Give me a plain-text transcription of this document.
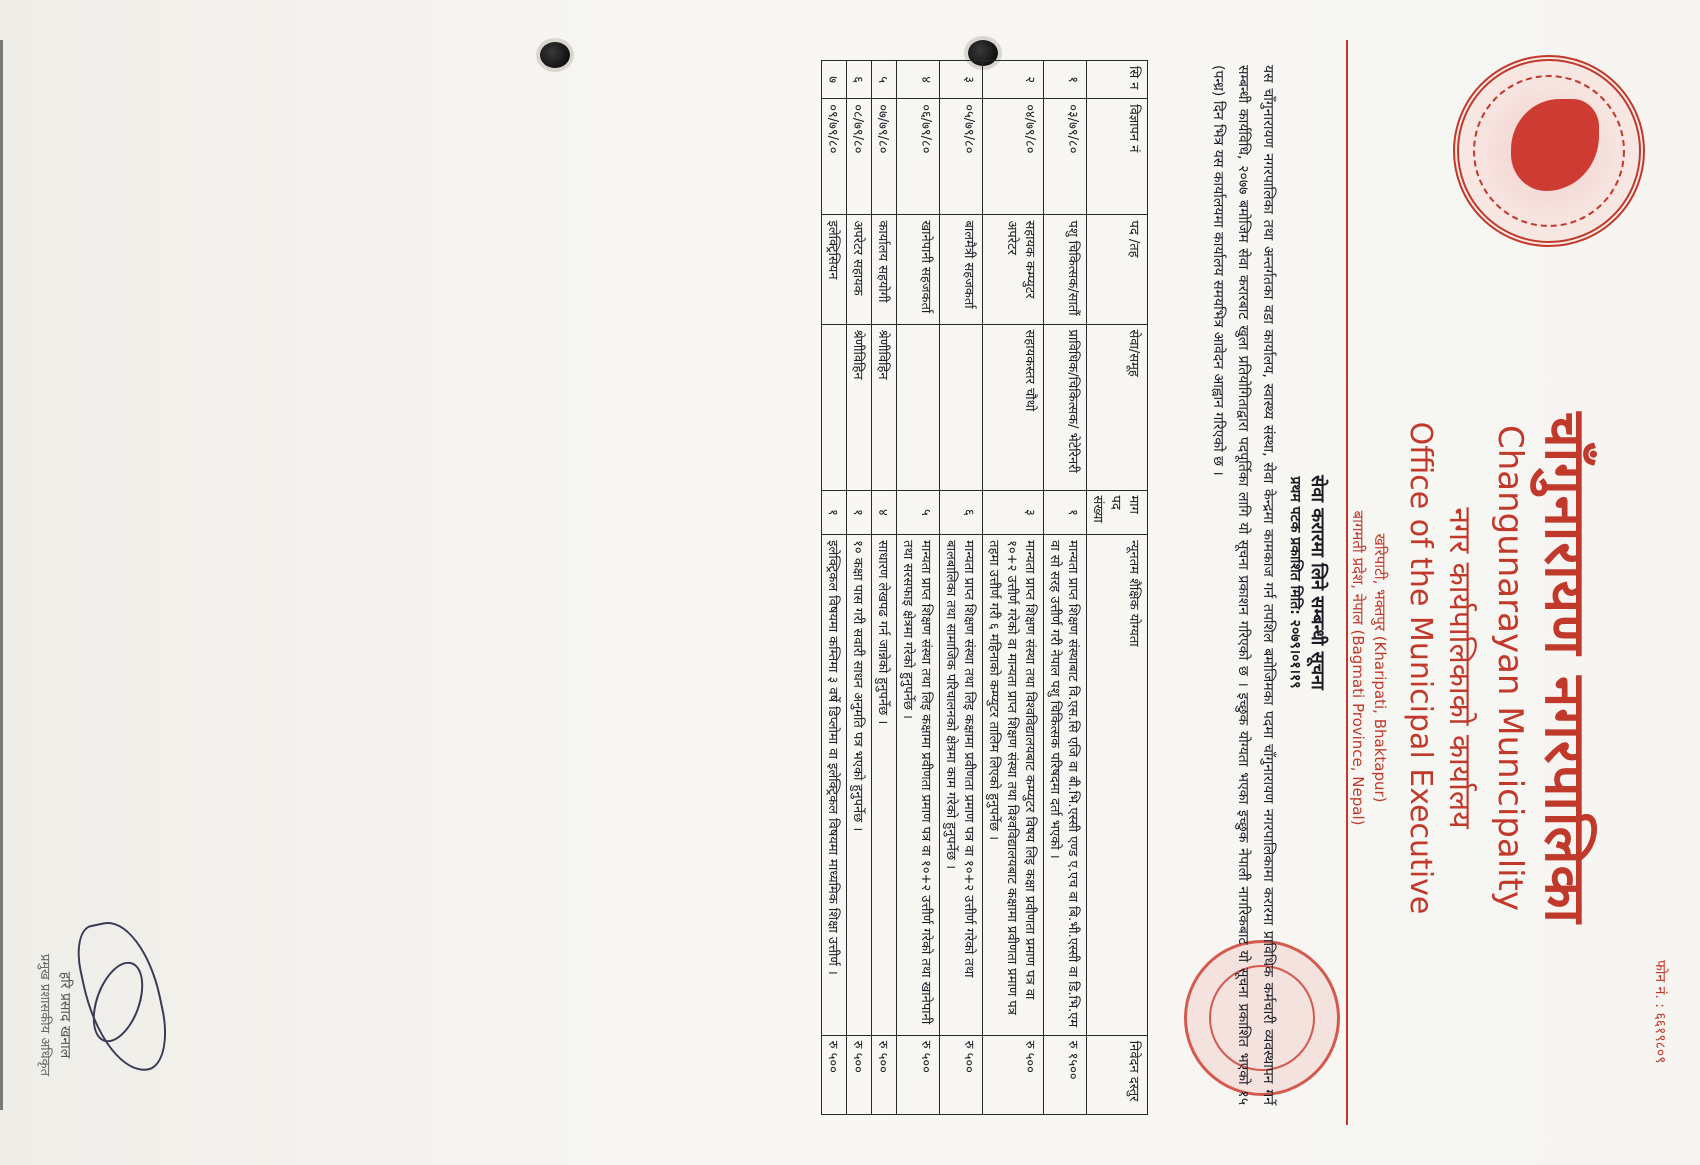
फोन नं. : ६६१९८०९
चाँगुनारायण नगरपालिका
Changunarayan Municipality
नगर कार्यपालिकाको कार्यालय
Office of the Municipal Executive
खरिपाटी, भक्तपुर (Kharipati, Bhaktapur)
बागमती प्रदेश, नेपाल (Bagmati Province, Nepal)
सेवा करारमा लिने सम्बन्धी सूचना
प्रथम पटक प्रकाशित मिति: २०७९।०१।१९
यस चाँगुनारायण नगरपालिका तथा अन्तर्गतका वडा कार्यालय, स्वास्थ्य संस्था, सेवा केन्द्रमा कामकाज गर्न तपशिल बमोजिमका पदमा चाँगुनारायण नगरपालिकामा करारमा प्राविधिक कर्मचारी व्यवस्थापन गर्ने सम्बन्धी कार्यविधि, २०७७ बमोजिम सेवा करारबाट खुला प्रतियोगिताद्वारा पदपूर्तिका लागि यो सूचना प्रकाशन गरिएको छ । इच्छुक योग्यता भएका इच्छुक नेपाली नागरिकबाट यो सूचना प्रकाशित भएको १५ (पन्ध्र) दिन भित्र यस कार्यालयमा कार्यालय समयभित्र आवेदन आह्वान गरिएको छ ।
सि न	विज्ञापन नं	पद /तह	सेवा/समूह	माग पद संख्या	न्यूनतम शैक्षिक योग्यता	निवेदन दस्तुर
१	०३/७९/८०	पशु चिकित्सक/सातौं	प्राविधिक/चिकित्सक/ भेटेरिनरी	१	मान्यता प्राप्त शिक्षण संस्थाबाट वि.एस.सि एजि वा बी.भि.एस्सी एण्ड ए.एच वा बि.भी.एस्सी वा डि.भि.एम वा सो सरह उत्तीर्ण गरी नेपाल पशु चिकित्सक परिषदमा दर्ता भएको ।	रु १५००
२	०४/७९/८०	सहायक कम्प्युटर अपरेटर	सहायकस्तर चौथो	३	मान्यता प्राप्त शिक्षण संस्था तथा विश्वविद्यालयबाट कम्प्युटर विषय लिइ कक्षा प्रवीणता प्रमाण पत्र वा १०+२ उत्तीर्ण गरेको वा मान्यता प्राप्त शिक्षण संस्था तथा विश्वविद्यालयबाट कक्षामा प्रवीणता प्रमाण पत्र तहमा उत्तीर्ण गरी ६ महिनाको कम्प्युटर तालिम लिएको हुनुपर्नेछ ।	रु ५००
३	०५/७९/८०	बालमैत्री सहजकर्ता		६	मान्यता प्राप्त शिक्षण संस्था तथा लिइ कक्षामा प्रवीणता प्रमाण पत्र वा १०+२ उत्तीर्ण गरेको तथा बालबालिका तथा सामाजिक परिचालनको क्षेत्रमा काम गरेको हुनुपर्नेछ ।	रु ५००
४	०६/७९/८०	खानेपानी सहजकर्ता		५	मान्यता प्राप्त शिक्षण संस्था तथा लिइ कक्षामा प्रवीणता प्रमाण पत्र वा १०+२ उत्तीर्ण गरेको तथा खानेपानी तथा सरसफाइ क्षेत्रमा गरेको हुनुपर्नेछ ।	रु ५००
५	०७/७९/८०	कार्यालय सहयोगी	श्रेणीविहिन	४	साधारण लेखपढ गर्न जान्नेको हुनुपर्नेछ ।	रु ५००
६	०८/७९/८०	अपरेटर सहायक	श्रेणीविहिन	१	१० कक्षा पास गरी सवारी साधन अनुमति पत्र भएको हुनुपर्नेछ ।	रु ५००
७	०९/७९/८०	इलेक्ट्रिसियन		१	इलेक्ट्रिकल विषयमा कम्तिमा ३ वर्षे डिप्लोमा वा इलेक्ट्रिकल विषयमा माध्यमिक शिक्षा उत्तीर्ण ।	रु ५००
हरि प्रसाद खनाल
प्रमुख प्रशासकीय अधिकृत
